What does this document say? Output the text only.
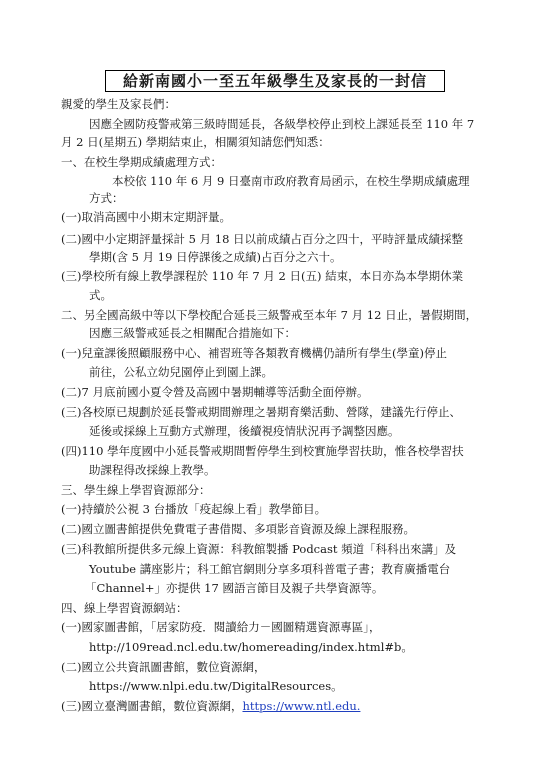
給新南國小一至五年級學生及家長的一封信
親愛的學生及家長們：
因應全國防疫警戒第三級時間延長，各級學校停止到校上課延長至 110 年 7
月 2 日(星期五) 學期結束止，相關須知請您們知悉：
一、在校生學期成績處理方式：
本校依 110 年 6 月 9 日臺南市政府教育局函示，在校生學期成績處理
方式：
(一)取消高國中小期末定期評量。
(二)國中小定期評量採計 5 月 18 日以前成績占百分之四十，平時評量成績採整
學期(含 5 月 19 日停課後之成績)占百分之六十。
(三)學校所有線上教學課程於 110 年 7 月 2 日(五) 結束，本日亦為本學期休業
式。
二、另全國高級中等以下學校配合延長三級警戒至本年 7 月 12 日止，暑假期間，
因應三級警戒延長之相關配合措施如下：
(一)兒童課後照顧服務中心、補習班等各類教育機構仍請所有學生(學童)停止
前往，公私立幼兒園停止到園上課。
(二)7 月底前國小夏令營及高國中暑期輔導等活動全面停辦。
(三)各校原已規劃於延長警戒期間辦理之暑期育樂活動、營隊，建議先行停止、
延後或採線上互動方式辦理，後續視疫情狀況再予調整因應。
(四)110 學年度國中小延長警戒期間暫停學生到校實施學習扶助，惟各校學習扶
助課程得改採線上教學。
三、學生線上學習資源部分：
(一)持續於公視 3 台播放「疫起線上看」教學節目。
(二)國立圖書館提供免費電子書借閱、多項影音資源及線上課程服務。
(三)科教館所提供多元線上資源：科教館製播 Podcast 頻道「科科出來講」及
Youtube 講座影片；科工館官網則分享多項科普電子書；教育廣播電台
「Channel+」亦提供 17 國語言節目及親子共學資源等。
四、線上學習資源網站：
(一)國家圖書館，「居家防疫．閱讀給力－國圖精選資源專區」，
http://109read.ncl.edu.tw/homereading/index.html#b。
(二)國立公共資訊圖書館，數位資源網，
https://www.nlpi.edu.tw/DigitalResources。
(三)國立臺灣圖書館，數位資源網，https://www.ntl.edu.
